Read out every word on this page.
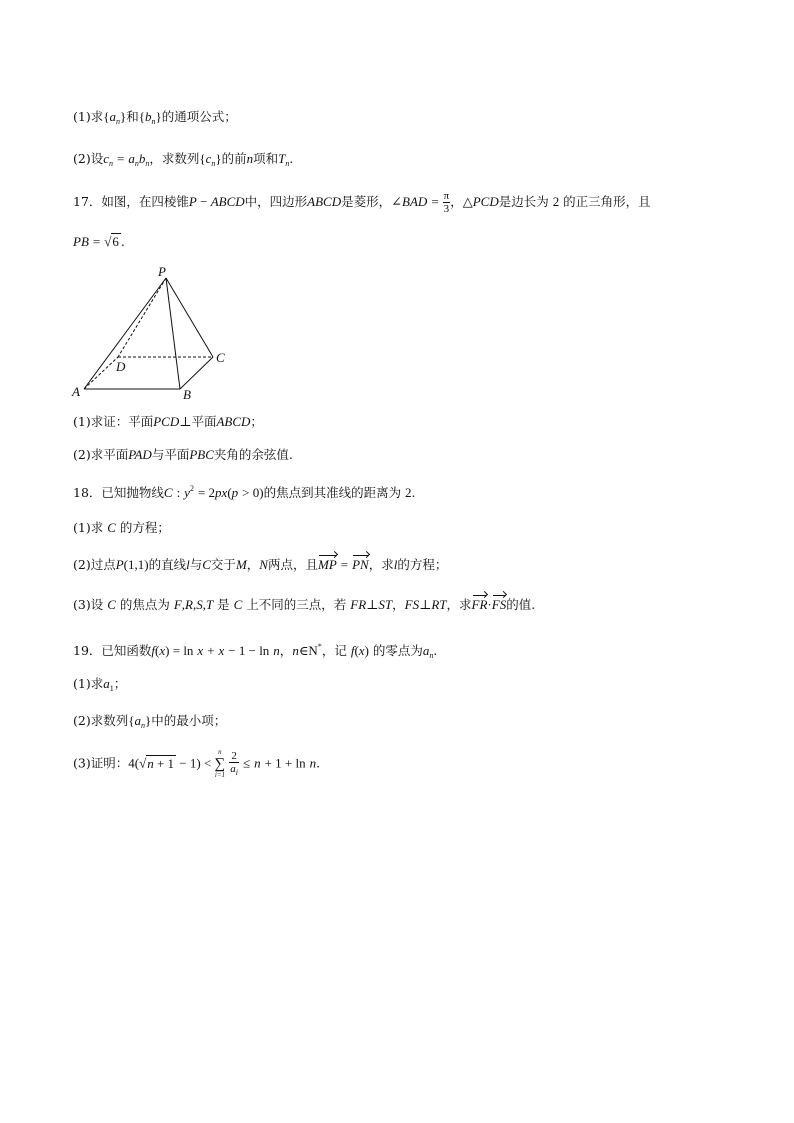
(1)求$\{a_n\}$和$\{b_n\}$的通项公式；
(2)设$c_n = a_nb_n$，求数列$\{c_n\}$的前n项和$T_n$.
17．如图，在四棱锥P − ABCD中，四边形ABCD是菱形，∠BAD = $\frac{\pi}{3}$ ，△PCD是边长为 2 的正三角形，且
PB = √6 .
P
D
C
A	B
(1)求证：平面PCD⊥平面ABCD；
(2)求平面PAD与平面PBC夹角的余弦值.
18．已知抛物线C : $y^2 = 2px(p > 0)$的焦点到其准线的距离为 2.
(1)求 C 的方程；
(2)过点P(1,1)的直线l与C交于M，N两点，且MP = PN，求l的方程；
(3)设 C 的焦点为 F,R,S,T 是 C 上不同的三点，若 FR⊥ST，FS⊥RT，求FR·FS的值.
19．已知函数f(x) = ln x + x − 1 − ln n，n∈N*，记 f(x) 的零点为$a_n$.
(1)求$a_1$；
(2)求数列$\{a_n\}$中的最小项；
(3)证明：4(√n + 1 − 1) <
n
∑
i=1
$\frac{2}{a_i} \le n + 1 + \ln n$.
